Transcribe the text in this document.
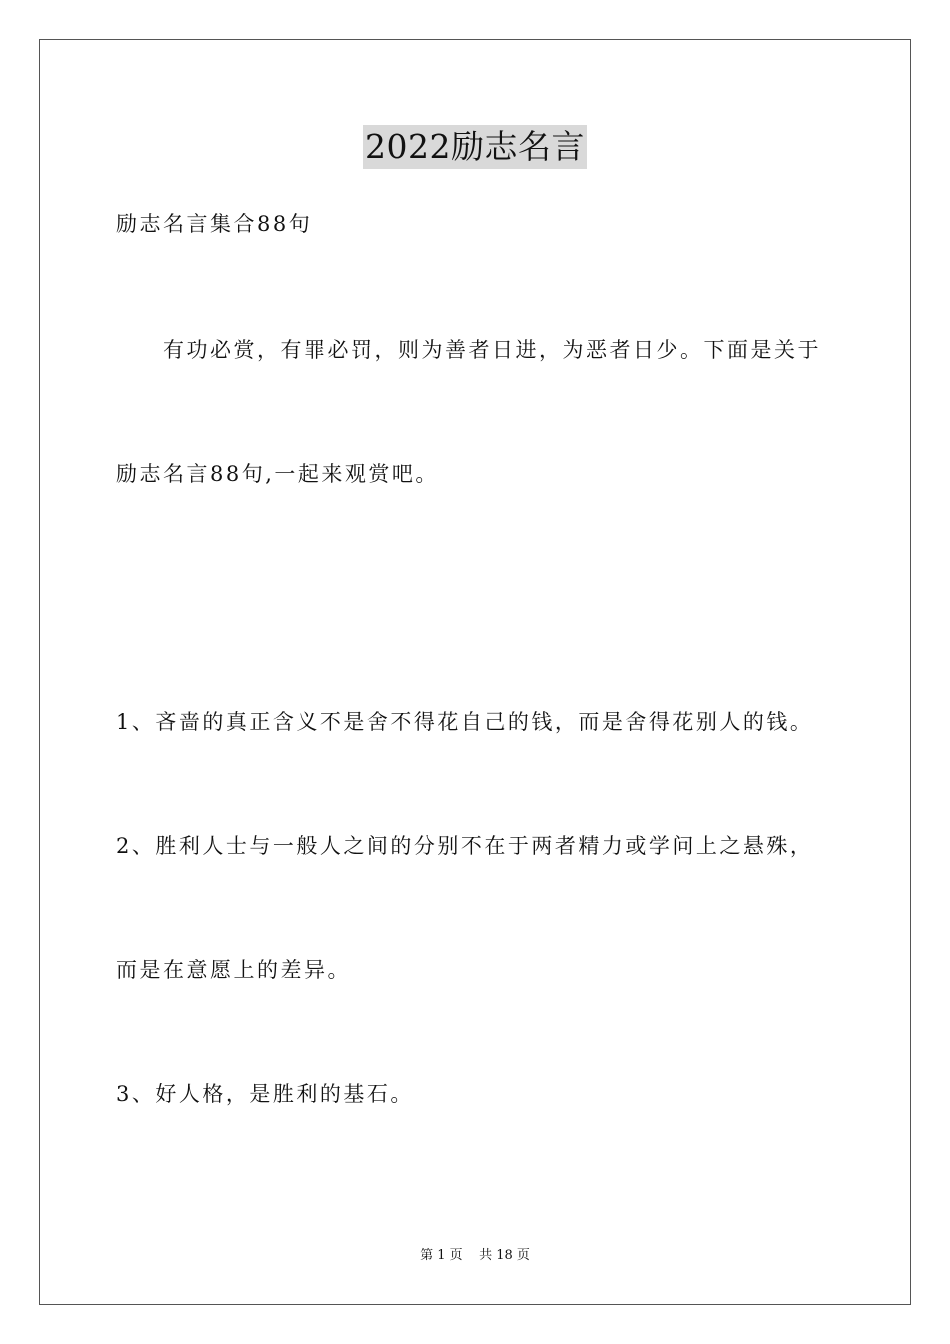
2022励志名言
励志名言集合88句
有功必赏，有罪必罚，则为善者日进，为恶者日少。下面是关于
励志名言88句,一起来观赏吧。
1、吝啬的真正含义不是舍不得花自己的钱，而是舍得花别人的钱。
2、胜利人士与一般人之间的分别不在于两者精力或学问上之悬殊，
而是在意愿上的差异。
3、好人格，是胜利的基石。
第 1 页    共 18 页
